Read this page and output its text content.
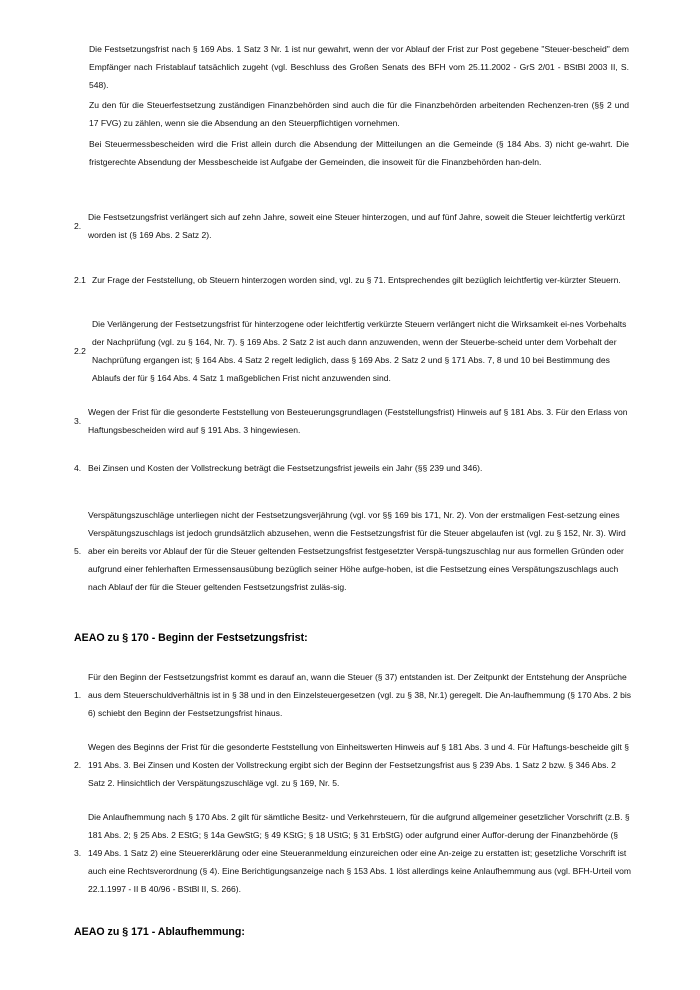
Die Festsetzungsfrist nach § 169 Abs. 1 Satz 3 Nr. 1 ist nur gewahrt, wenn der vor Ablauf der Frist zur Post gegebene "Steuer-bescheid" dem Empfänger nach Fristablauf tatsächlich zugeht (vgl. Beschluss des Großen Senats des BFH vom 25.11.2002 - GrS 2/01 - BStBl 2003 II, S. 548).

Zu den für die Steuerfestsetzung zuständigen Finanzbehörden sind auch die für die Finanzbehörden arbeitenden Rechenzen-tren (§§ 2 und 17 FVG) zu zählen, wenn sie die Absendung an den Steuerpflichtigen vornehmen.

Bei Steuermessbescheiden wird die Frist allein durch die Absendung der Mitteilungen an die Gemeinde (§ 184 Abs. 3) nicht ge-wahrt. Die fristgerechte Absendung der Messbescheide ist Aufgabe der Gemeinden, die insoweit für die Finanzbehörden han-deln.

2.

Die Festsetzungsfrist verlängert sich auf zehn Jahre, soweit eine Steuer hinterzogen, und auf fünf Jahre, soweit die Steuer leichtfertig verkürzt worden ist (§ 169 Abs. 2 Satz 2).

2.1 Zur Frage der Feststellung, ob Steuern hinterzogen worden sind, vgl. zu § 71. Entsprechendes gilt bezüglich leichtfertig ver-kürzter Steuern.

2.2

Die Verlängerung der Festsetzungsfrist für hinterzogene oder leichtfertig verkürzte Steuern verlängert nicht die Wirksamkeit ei-nes Vorbehalts der Nachprüfung (vgl. zu § 164, Nr. 7). § 169 Abs. 2 Satz 2 ist auch dann anzuwenden, wenn der Steuerbe-scheid unter dem Vorbehalt der Nachprüfung ergangen ist; § 164 Abs. 4 Satz 2 regelt lediglich, dass § 169 Abs. 2 Satz 2 und § 171 Abs. 7, 8 und 10 bei Bestimmung des Ablaufs der für § 164 Abs. 4 Satz 1 maßgeblichen Frist nicht anzuwenden sind.

3.

Wegen der Frist für die gesonderte Feststellung von Besteuerungsgrundlagen (Feststellungsfrist) Hinweis auf § 181 Abs. 3. Für den Erlass von Haftungsbescheiden wird auf § 191 Abs. 3 hingewiesen.

4. Bei Zinsen und Kosten der Vollstreckung beträgt die Festsetzungsfrist jeweils ein Jahr (§§ 239 und 346).

5.

Verspätungszuschläge unterliegen nicht der Festsetzungsverjährung (vgl. vor §§ 169 bis 171, Nr. 2). Von der erstmaligen Fest-setzung eines Verspätungszuschlags ist jedoch grundsätzlich abzusehen, wenn die Festsetzungsfrist für die Steuer abgelaufen ist (vgl. zu § 152, Nr. 3). Wird aber ein bereits vor Ablauf der für die Steuer geltenden Festsetzungsfrist festgesetzter Verspä-tungszuschlag nur aus formellen Gründen oder aufgrund einer fehlerhaften Ermessensausübung bezüglich seiner Höhe aufge-hoben, ist die Festsetzung eines Verspätungszuschlags auch nach Ablauf der für die Steuer geltenden Festsetzungsfrist zuläs-sig.

AEAO zu § 170 - Beginn der Festsetzungsfrist:
1.

Für den Beginn der Festsetzungsfrist kommt es darauf an, wann die Steuer (§ 37) entstanden ist. Der Zeitpunkt der Entstehung der Ansprüche aus dem Steuerschuldverhältnis ist in § 38 und in den Einzelsteuergesetzen (vgl. zu § 38, Nr.1) geregelt. Die An-laufhemmung (§ 170 Abs. 2 bis 6) schiebt den Beginn der Festsetzungsfrist hinaus.

2.

Wegen des Beginns der Frist für die gesonderte Feststellung von Einheitswerten Hinweis auf § 181 Abs. 3 und 4. Für Haftungs-bescheide gilt § 191 Abs. 3. Bei Zinsen und Kosten der Vollstreckung ergibt sich der Beginn der Festsetzungsfrist aus § 239 Abs. 1 Satz 2 bzw. § 346 Abs. 2 Satz 2. Hinsichtlich der Verspätungszuschläge vgl. zu § 169, Nr. 5.

3.

Die Anlaufhemmung nach § 170 Abs. 2 gilt für sämtliche Besitz- und Verkehrsteuern, für die aufgrund allgemeiner gesetzlicher Vorschrift (z.B. § 181 Abs. 2; § 25 Abs. 2 EStG; § 14a GewStG; § 49 KStG; § 18 UStG; § 31 ErbStG) oder aufgrund einer Auffor-derung der Finanzbehörde (§ 149 Abs. 1 Satz 2) eine Steuererklärung oder eine Steueranmeldung einzureichen oder eine An-zeige zu erstatten ist; gesetzliche Vorschrift ist auch eine Rechtsverordnung (§ 4). Eine Berichtigungsanzeige nach § 153 Abs. 1 löst allerdings keine Anlaufhemmung aus (vgl. BFH-Urteil vom 22.1.1997 - II B 40/96 - BStBl II, S. 266).

AEAO zu § 171 - Ablaufhemmung:
